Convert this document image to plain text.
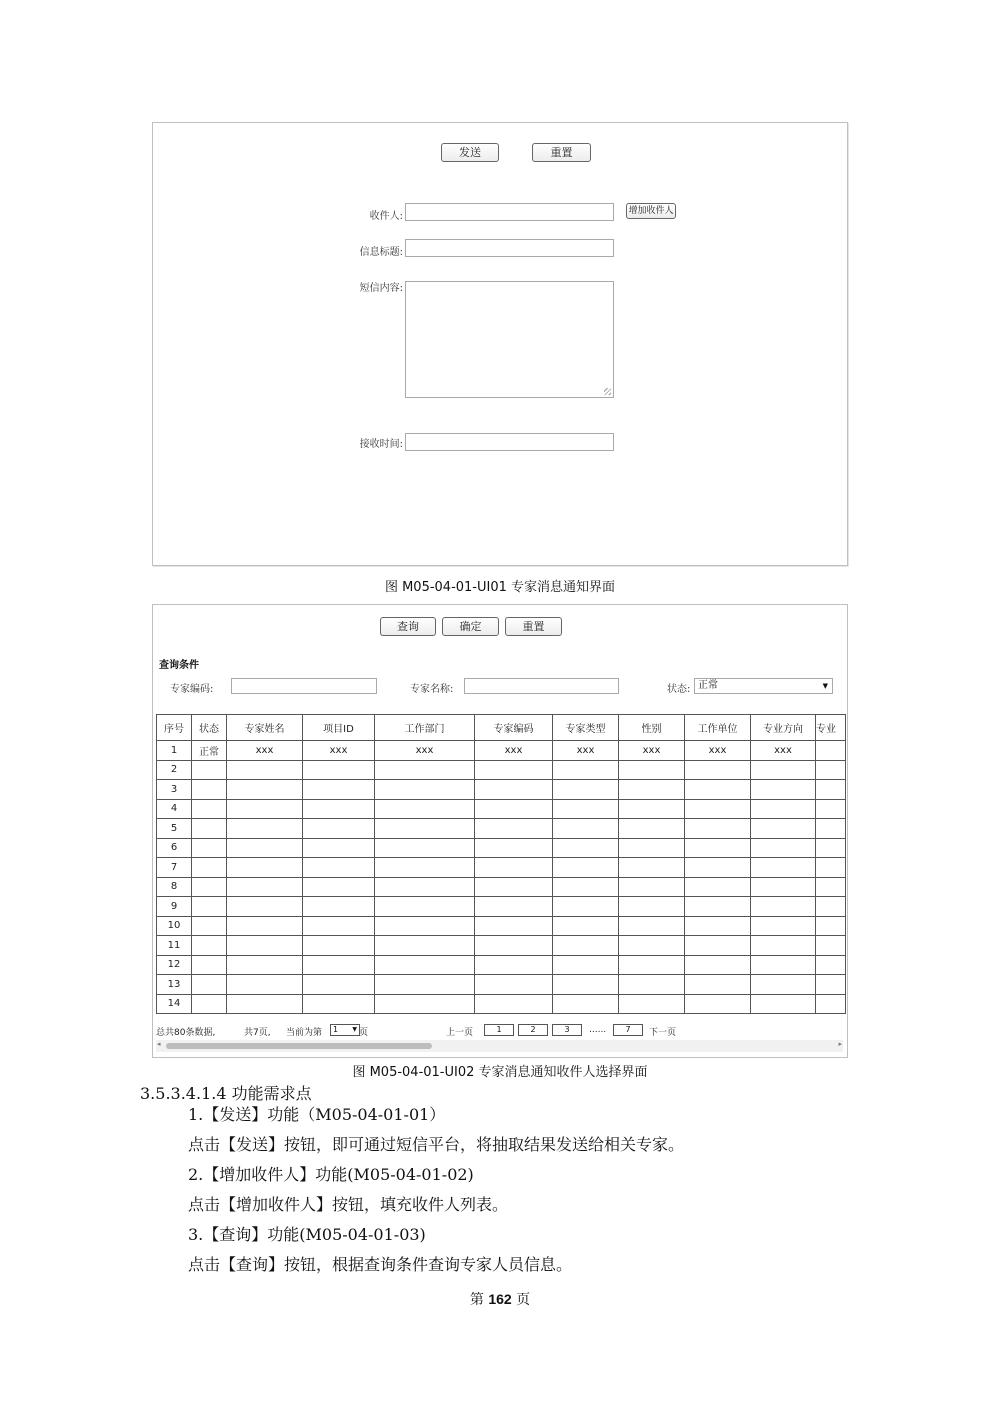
发送	重置
收件人:	增加收件人
信息标题:
短信内容:
接收时间:
图 M05-04-01-UI01 专家消息通知界面
查询	确定	重置
查询条件
专家编码:	专家名称:	状态: 正常	▼
序号	状态	专家姓名	项目ID	工作部门	专家编码	专家类型	性别	工作单位	专业方向	专业
1	正常	xxx	xxx	xxx	xxx	xxx	xxx	xxx	xxx	
2										
3										
4										
5										
6										
7										
8										
9										
10										
11										
12										
13										
14										
总共80条数据,	共7页, 当前为第	1 ▼ 页	上一页	1	2	3	......	7	下一页
◂	▸
图 M05-04-01-UI02 专家消息通知收件人选择界面
3.5.3.4.1.4 功能需求点
1.【发送】功能（M05-04-01-01）
点击【发送】按钮，即可通过短信平台，将抽取结果发送给相关专家。
2.【增加收件人】功能(M05-04-01-02)
点击【增加收件人】按钮，填充收件人列表。
3.【查询】功能(M05-04-01-03)
点击【查询】按钮，根据查询条件查询专家人员信息。
第 162 页
